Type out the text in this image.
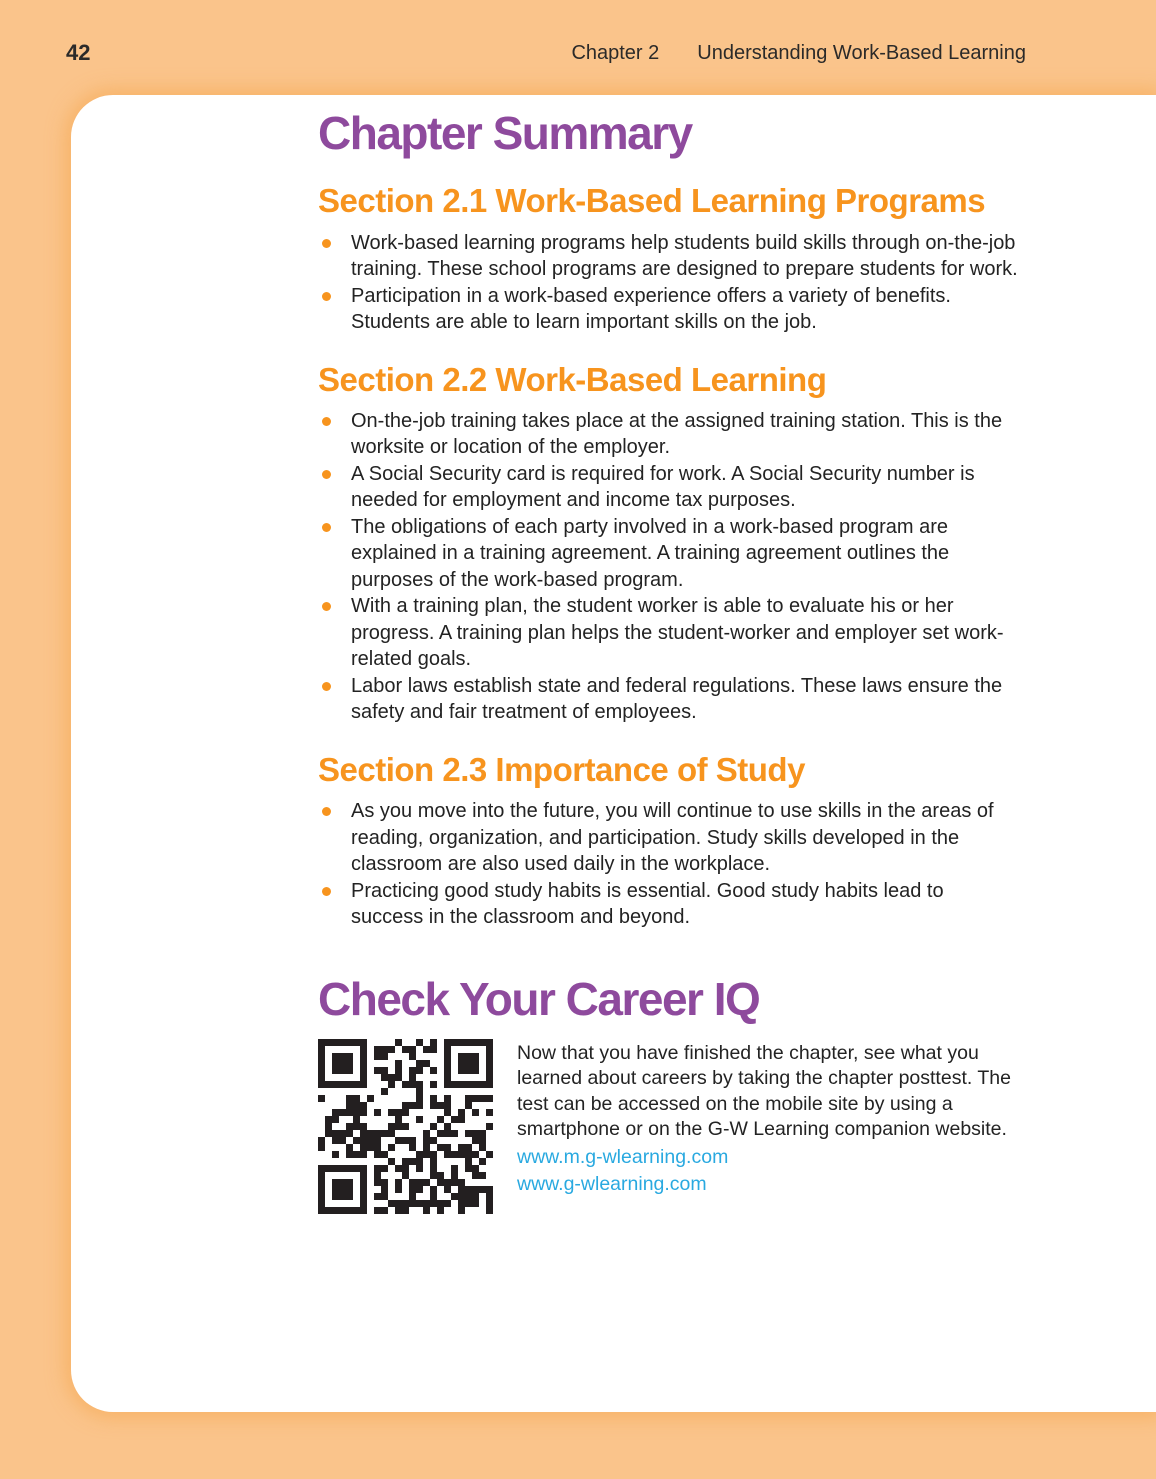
42	Chapter 2 Understanding Work-Based Learning
Chapter Summary
Section 2.1 Work-Based Learning Programs
Work-based learning programs help students build skills through on-the-job training. These school programs are designed to prepare students for work.
Participation in a work-based experience offers a variety of benefits. Students are able to learn important skills on the job.
Section 2.2 Work-Based Learning
On-the-job training takes place at the assigned training station. This is the worksite or location of the employer.
A Social Security card is required for work. A Social Security number is needed for employment and income tax purposes.
The obligations of each party involved in a work-based program are explained in a training agreement. A training agreement outlines the purposes of the work-based program.
With a training plan, the student worker is able to evaluate his or her progress. A training plan helps the student-worker and employer set work-related goals.
Labor laws establish state and federal regulations. These laws ensure the safety and fair treatment of employees.
Section 2.3 Importance of Study
As you move into the future, you will continue to use skills in the areas of reading, organization, and participation. Study skills developed in the classroom are also used daily in the workplace.
Practicing good study habits is essential. Good study habits lead to success in the classroom and beyond.
Check Your Career IQ
Now that you have finished the chapter, see what you learned about careers by taking the chapter posttest. The test can be accessed on the mobile site by using a smartphone or on the G-W Learning companion website.
www.m.g-wlearning.com
www.g-wlearning.com
